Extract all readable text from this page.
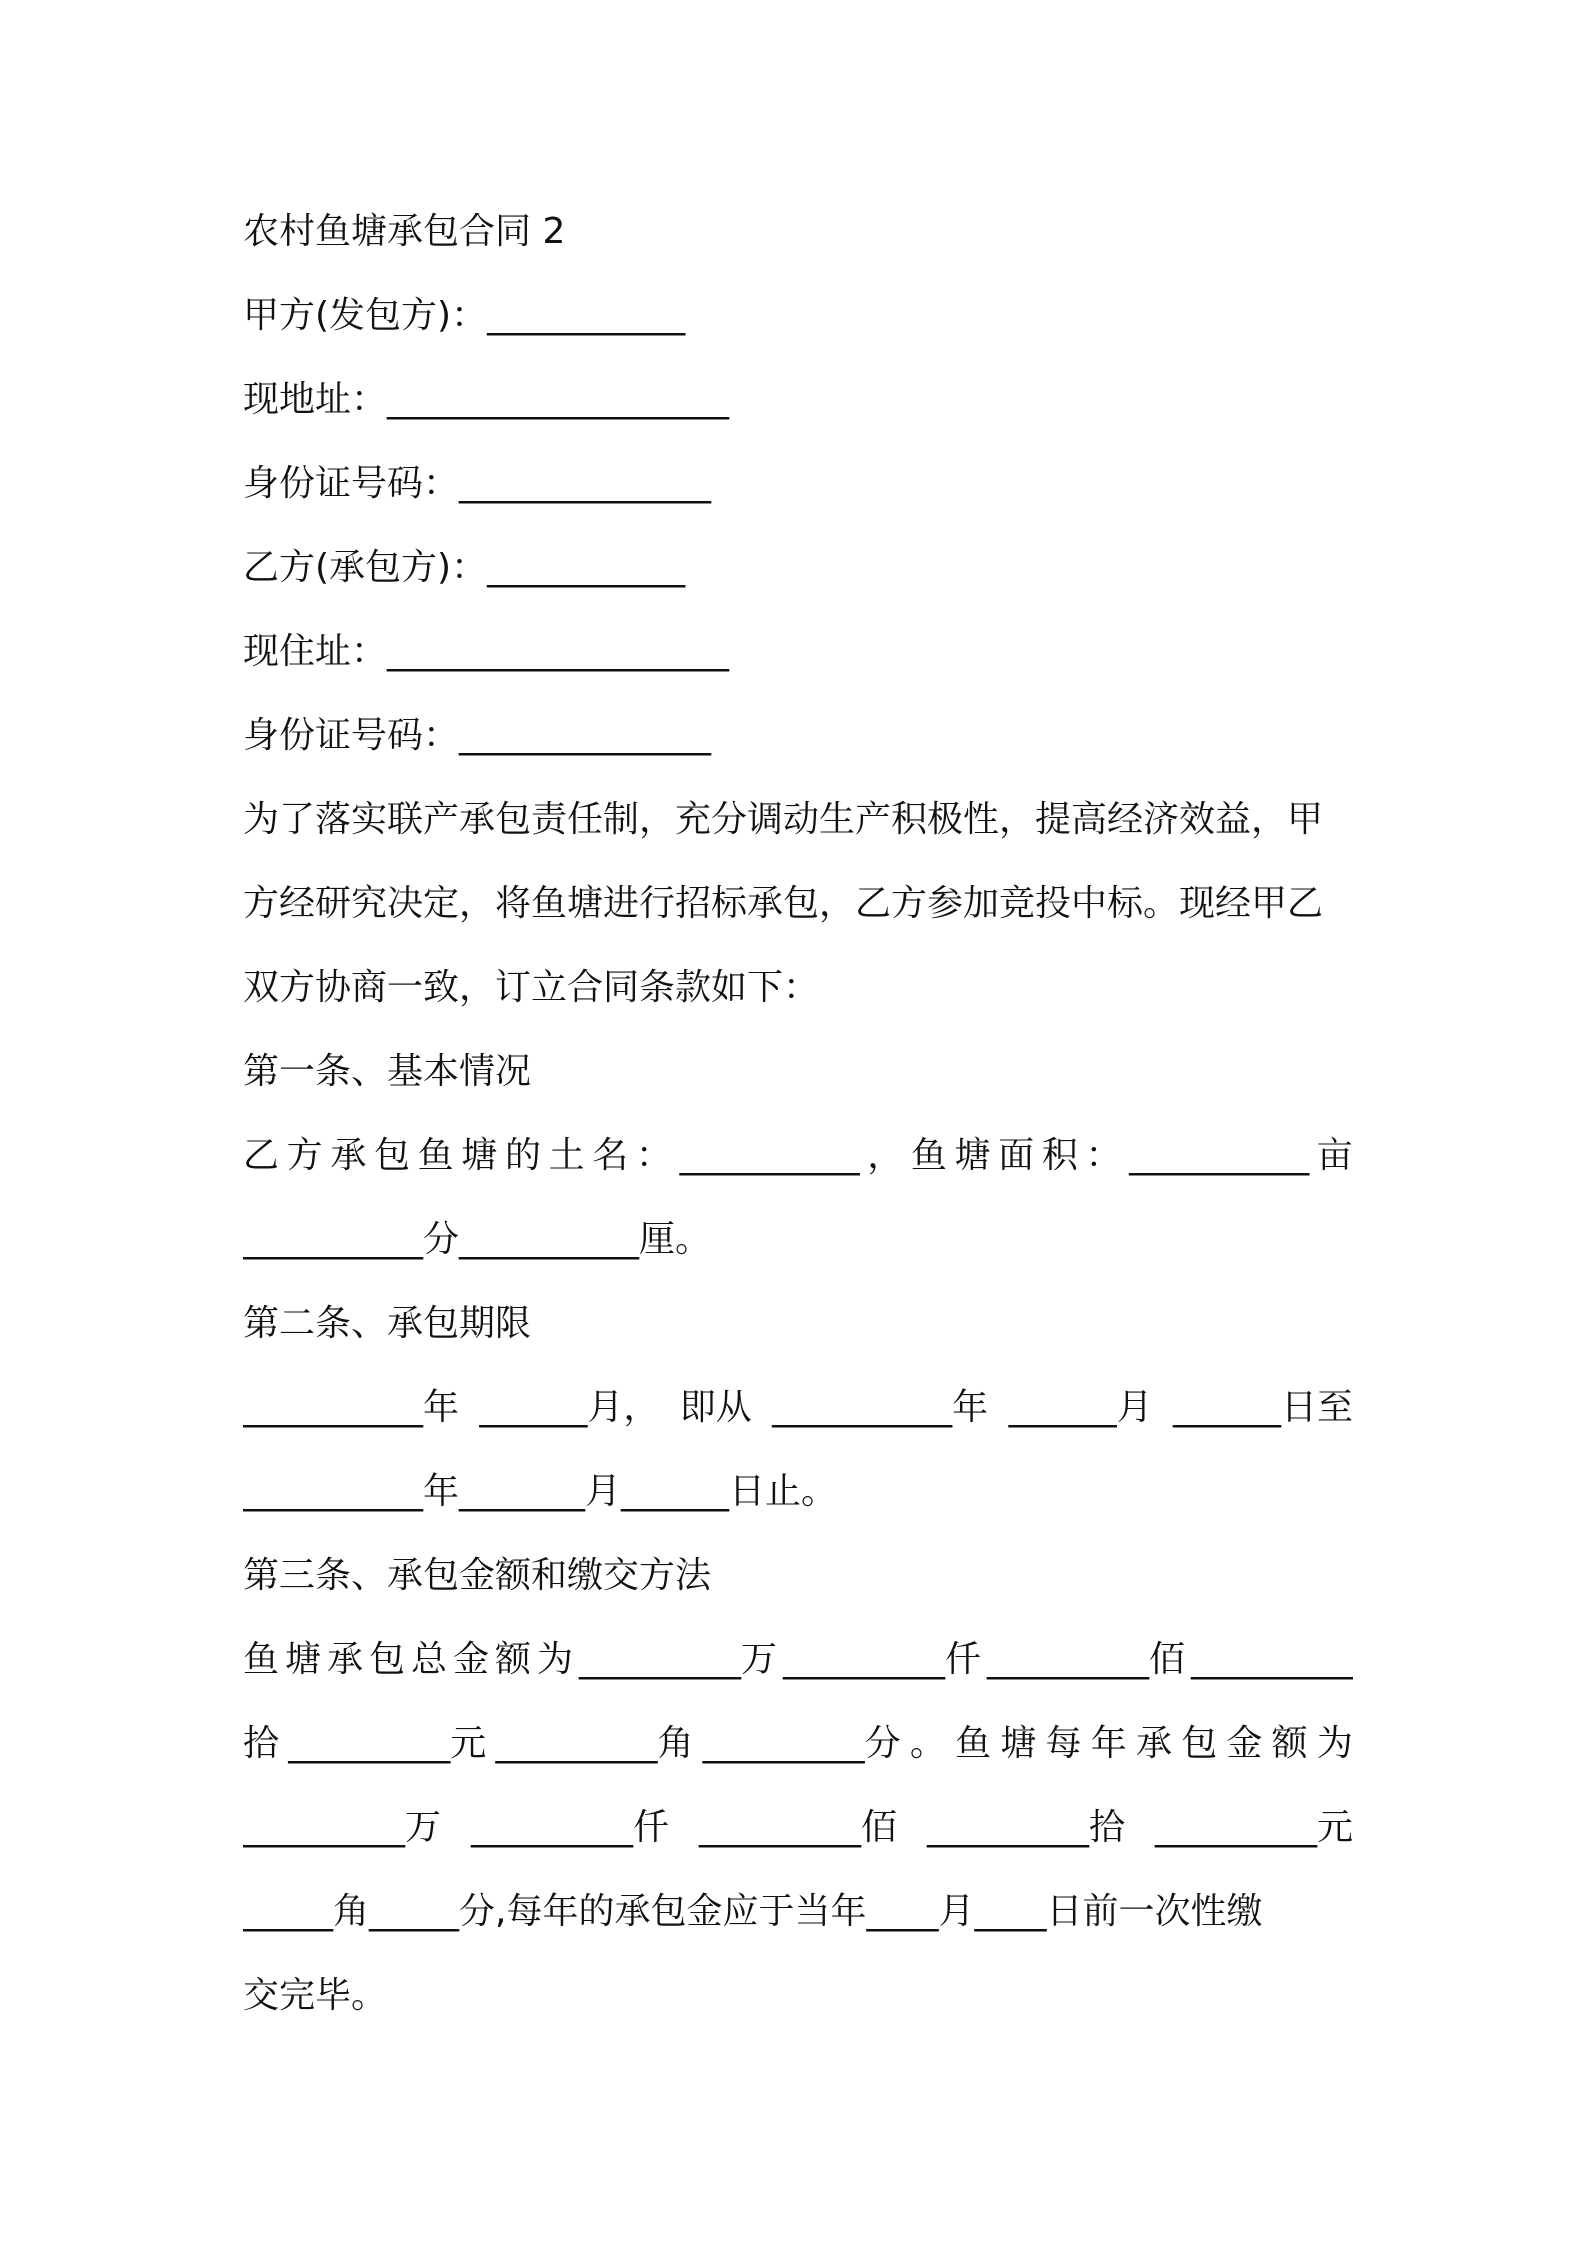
农村鱼塘承包合同 2
甲方(发包方)：___________
现地址：___________________
身份证号码：______________
乙方(承包方)：___________
现住址：___________________
身份证号码：______________
为了落实联产承包责任制，充分调动生产积极性，提高经济效益，甲
方经研究决定，将鱼塘进行招标承包，乙方参加竞投中标。现经甲乙
双方协商一致，订立合同条款如下：
第一条、基本情况
乙 方 承 包 鱼 塘 的 土 名 ： __________ ， 鱼 塘 面 积 ： __________ 亩
__________分__________厘。
第二条、承包期限
__________年 ______月， 即从 __________年 ______月 ______日至
__________年_______月______日止。
第三条、承包金额和缴交方法
鱼 塘 承 包 总 金 额 为 _________万 _________仟 _________佰 _________
拾 _________元 _________角 _________分 。 鱼 塘 每 年 承 包 金 额 为
_________万 _________仟 _________佰 _________拾 _________元
_____角_____分,每年的承包金应于当年____月____日前一次性缴
交完毕。
